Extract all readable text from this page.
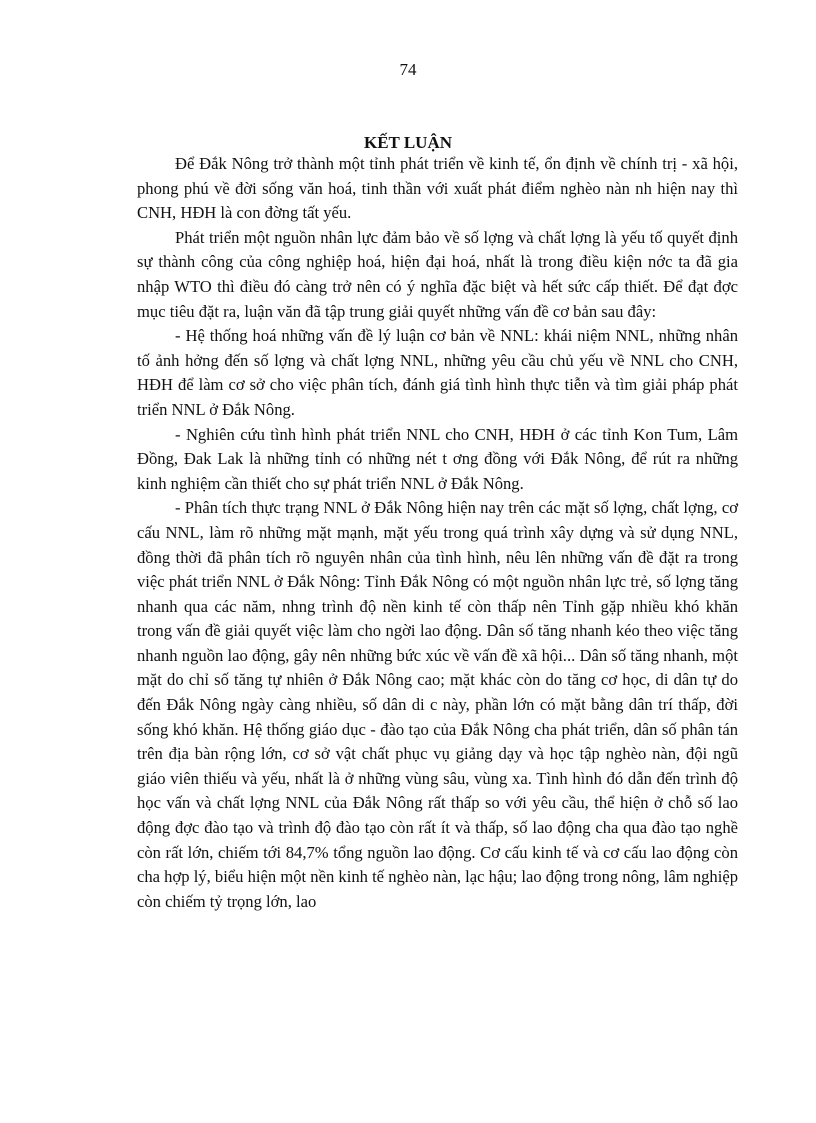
74
KẾT LUẬN

Để Đắk Nông trở thành một tỉnh phát triển về kinh tế, ổn định về chính trị - xã hội, phong phú về đời sống văn hoá, tinh thần với xuất phát điểm nghèo nàn nh hiện nay thì CNH, HĐH là con đờng tất yếu.

Phát triển một nguồn nhân lực đảm bảo về số lợng và chất lợng là yếu tố quyết định sự thành công của công nghiệp hoá, hiện đại hoá, nhất là trong điều kiện nớc ta đã gia nhập WTO thì điều đó càng trở nên có ý nghĩa đặc biệt và hết sức cấp thiết. Để đạt đợc mục tiêu đặt ra, luận văn đã tập trung giải quyết những vấn đề cơ bản sau đây:

- Hệ thống hoá những vấn đề lý luận cơ bản về NNL: khái niệm NNL, những nhân tố ảnh hởng đến số lợng và chất lợng NNL, những yêu cầu chủ yếu về NNL cho CNH, HĐH để làm cơ sở cho việc phân tích, đánh giá tình hình thực tiễn và tìm giải pháp phát triển NNL ở Đắk Nông.

- Nghiên cứu tình hình phát triển NNL cho CNH, HĐH ở các tỉnh Kon Tum, Lâm Đồng, Đak Lak là những tỉnh có những nét t ơng đồng với Đắk Nông, để rút ra những kinh nghiệm cần thiết cho sự phát triển NNL ở Đắk Nông.

- Phân tích thực trạng NNL ở Đắk Nông hiện nay trên các mặt số lợng, chất lợng, cơ cấu NNL, làm rõ những mặt mạnh, mặt yếu trong quá trình xây dựng và sử dụng NNL, đồng thời đã phân tích rõ nguyên nhân của tình hình, nêu lên những vấn đề đặt ra trong việc phát triển NNL ở Đắk Nông: Tỉnh Đắk Nông có một nguồn nhân lực trẻ, số lợng tăng nhanh qua các năm, nhng trình độ nền kinh tế còn thấp nên Tỉnh gặp nhiều khó khăn trong vấn đề giải quyết việc làm cho ngời lao động. Dân số tăng nhanh kéo theo việc tăng nhanh nguồn lao động, gây nên những bức xúc về vấn đề xã hội... Dân số tăng nhanh, một mặt do chỉ số tăng tự nhiên ở Đắk Nông cao; mặt khác còn do tăng cơ học, di dân tự do đến Đắk Nông ngày càng nhiều, số dân di c này, phần lớn có mặt bằng dân trí thấp, đời sống khó khăn. Hệ thống giáo dục - đào tạo của Đắk Nông cha phát triển, dân số phân tán trên địa bàn rộng lớn, cơ sở vật chất phục vụ giảng dạy và học tập nghèo nàn, đội ngũ giáo viên thiếu và yếu, nhất là ở những vùng sâu, vùng xa. Tình hình đó dẫn đến trình độ học vấn và chất lợng NNL của Đắk Nông rất thấp so với yêu cầu, thể hiện ở chỗ số lao động đợc đào tạo và trình độ đào tạo còn rất ít và thấp, số lao động cha qua đào tạo nghề còn rất lớn, chiếm tới 84,7% tổng nguồn lao động. Cơ cấu kinh tế và cơ cấu lao động còn cha hợp lý, biểu hiện một nền kinh tế nghèo nàn, lạc hậu; lao động trong nông, lâm nghiệp còn chiếm tỷ trọng lớn, lao
